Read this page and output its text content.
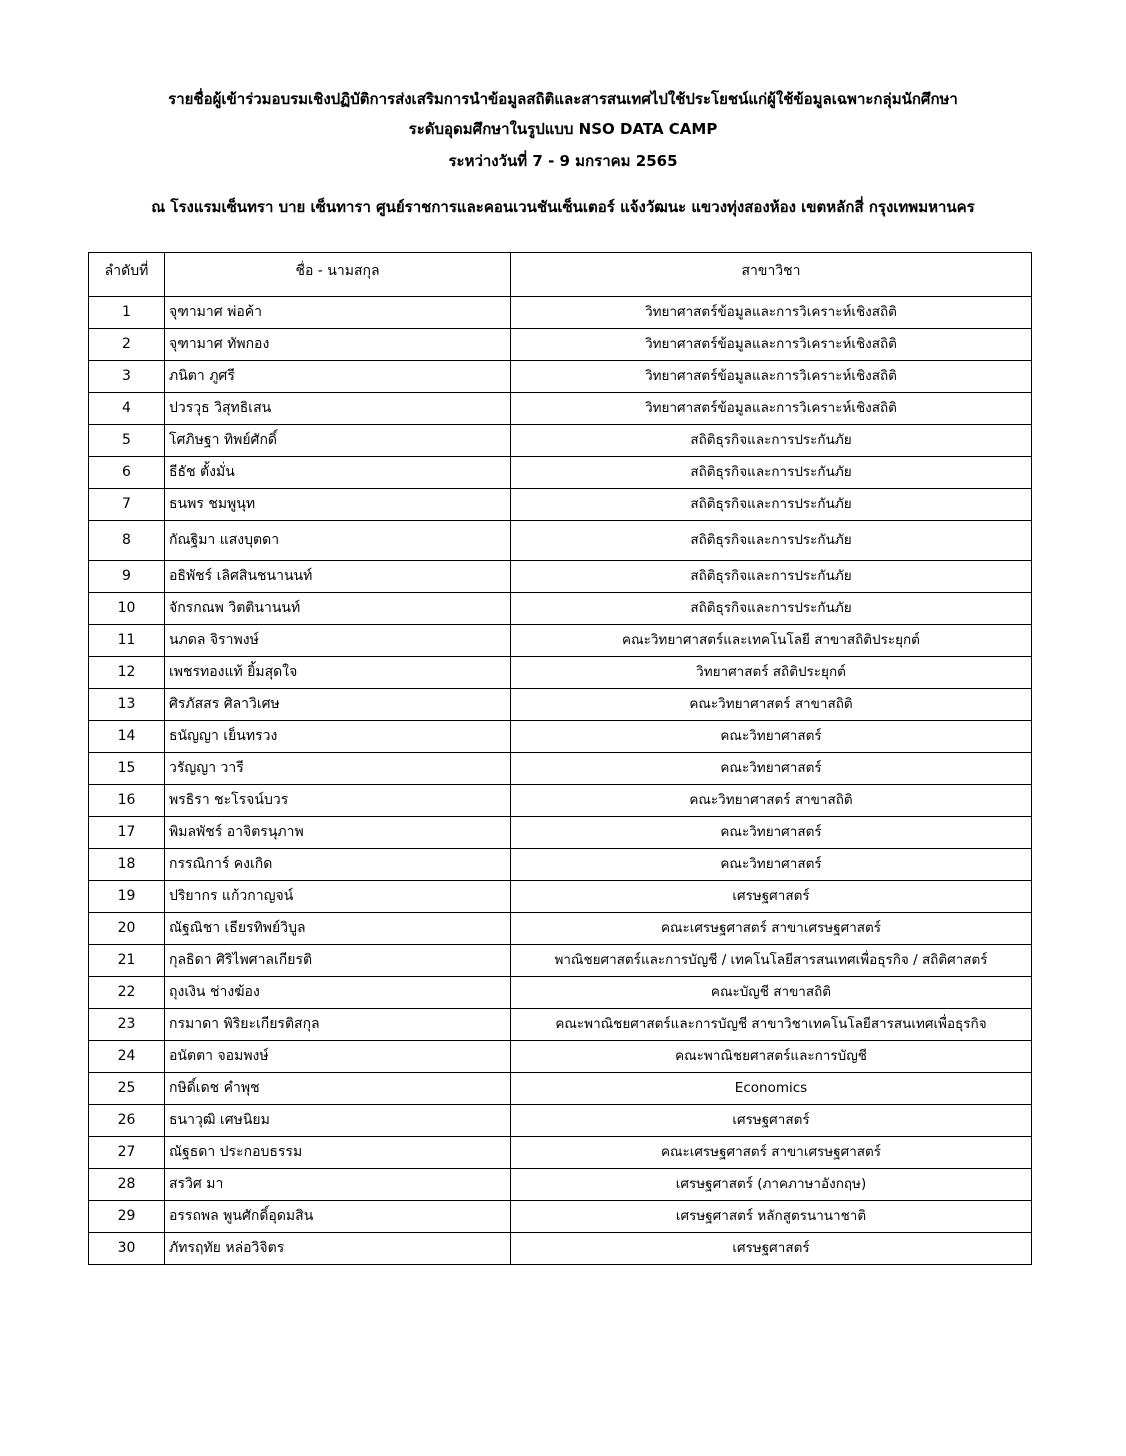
รายชื่อผู้เข้าร่วมอบรมเชิงปฏิบัติการส่งเสริมการนำข้อมูลสถิติและสารสนเทศไปใช้ประโยชน์แก่ผู้ใช้ข้อมูลเฉพาะกลุ่มนักศึกษา
ระดับอุดมศึกษาในรูปแบบ NSO DATA CAMP
ระหว่างวันที่ 7 - 9 มกราคม 2565
ณ โรงแรมเซ็นทรา บาย เซ็นทารา ศูนย์ราชการและคอนเวนชันเซ็นเตอร์ แจ้งวัฒนะ แขวงทุ่งสองห้อง เขตหลักสี่ กรุงเทพมหานคร
ลำดับที่	ชื่อ - นามสกุล	สาขาวิชา
1	จุฑามาศ พ่อค้า	วิทยาศาสตร์ข้อมูลและการวิเคราะห์เชิงสถิติ
2	จุฑามาศ ทัพกอง	วิทยาศาสตร์ข้อมูลและการวิเคราะห์เชิงสถิติ
3	ภนิตา ภูศรี	วิทยาศาสตร์ข้อมูลและการวิเคราะห์เชิงสถิติ
4	ปวรวุธ วิสุทธิเสน	วิทยาศาสตร์ข้อมูลและการวิเคราะห์เชิงสถิติ
5	โศภิษฐา ทิพย์ศักดิ์	สถิติธุรกิจและการประกันภัย
6	ธีธัช ตั้งมั่น	สถิติธุรกิจและการประกันภัย
7	ธนพร ชมพูนุท	สถิติธุรกิจและการประกันภัย
8	กัณฐิมา แสงบุตดา	สถิติธุรกิจและการประกันภัย
9	อธิพัชร์ เลิศสินชนานนท์	สถิติธุรกิจและการประกันภัย
10	จักรกณพ วิตตินานนท์	สถิติธุรกิจและการประกันภัย
11	นภดล จิราพงษ์	คณะวิทยาศาสตร์และเทคโนโลยี สาขาสถิติประยุกต์
12	เพชรทองแท้ ยิ้มสุดใจ	วิทยาศาสตร์ สถิติประยุกต์
13	ศิรภัสสร ศิลาวิเศษ	คณะวิทยาศาสตร์ สาขาสถิติ
14	ธนัญญา เย็นทรวง	คณะวิทยาศาสตร์
15	วรัญญา วารี	คณะวิทยาศาสตร์
16	พรธิรา ชะโรจน์บวร	คณะวิทยาศาสตร์ สาขาสถิติ
17	พิมลพัชร์ อาจิตรนุภาพ	คณะวิทยาศาสตร์
18	กรรณิการ์ คงเกิด	คณะวิทยาศาสตร์
19	ปริยากร แก้วกาญจน์	เศรษฐศาสตร์
20	ณัฐณิชา เธียรทิพย์วิบูล	คณะเศรษฐศาสตร์ สาขาเศรษฐศาสตร์
21	กุลธิดา ศิริไพศาลเกียรติ	พาณิชยศาสตร์และการบัญชี / เทคโนโลยีสารสนเทศเพื่อธุรกิจ / สถิติศาสตร์
22	ถุงเงิน ช่างฆ้อง	คณะบัญชี สาขาสถิติ
23	กรมาดา พิริยะเกียรติสกุล	คณะพาณิชยศาสตร์และการบัญชี สาขาวิชาเทคโนโลยีสารสนเทศเพื่อธุรกิจ
24	อนัตตา จอมพงษ์	คณะพาณิชยศาสตร์และการบัญชี
25	กษิดิ์เดช คำพุช	Economics
26	ธนาวุฒิ เศษนิยม	เศรษฐศาสตร์
27	ณัฐธดา ประกอบธรรม	คณะเศรษฐศาสตร์ สาขาเศรษฐศาสตร์
28	สรวิศ มา	เศรษฐศาสตร์ (ภาคภาษาอังกฤษ)
29	อรรถพล พูนศักดิ์อุดมสิน	เศรษฐศาสตร์ หลักสูตรนานาชาติ
30	ภัทรฤทัย หล่อวิจิตร	เศรษฐศาสตร์
